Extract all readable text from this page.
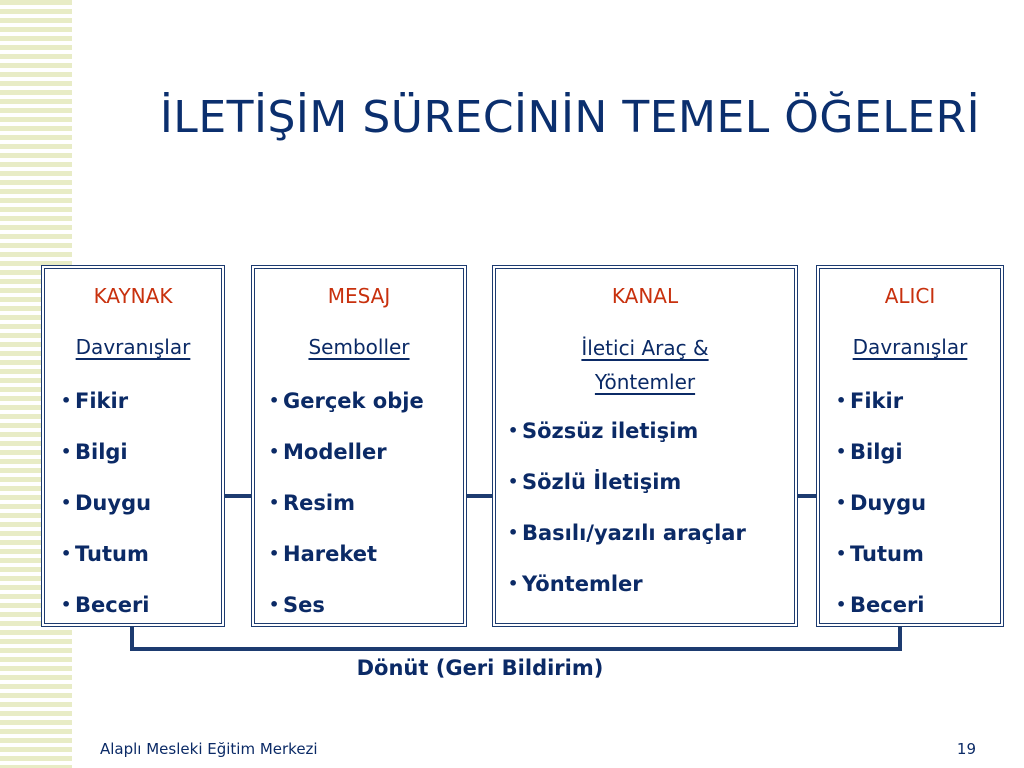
İLETİŞİM SÜRECİNİN TEMEL ÖĞELERİ
KAYNAK
Davranışlar
• Fikir
• Bilgi
• Duygu
• Tutum
• Beceri
MESAJ
Semboller
• Gerçek obje
• Modeller
• Resim
• Hareket
• Ses
KANAL
İletici Araç & Yöntemler
• Sözsüz iletişim
• Sözlü İletişim
• Basılı/yazılı araçlar
• Yöntemler
ALICI
Davranışlar
• Fikir
• Bilgi
• Duygu
• Tutum
• Beceri
Dönüt (Geri Bildirim)
Alaplı Mesleki Eğitim Merkezi	19
